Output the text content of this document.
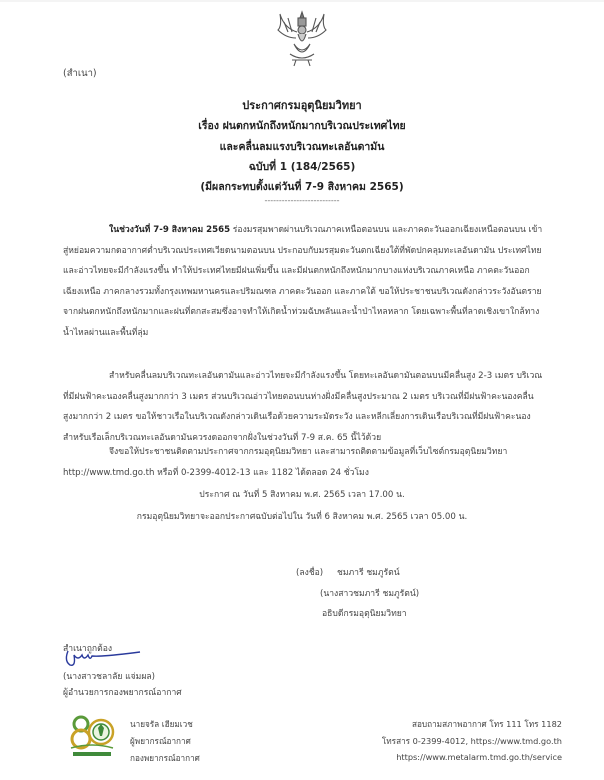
(สำเนา)
ประกาศกรมอุตุนิยมวิทยา
เรื่อง ฝนตกหนักถึงหนักมากบริเวณประเทศไทย
และคลื่นลมแรงบริเวณทะเลอันดามัน
ฉบับที่ 1 (184/2565)
(มีผลกระทบตั้งแต่วันที่ 7-9 สิงหาคม 2565)
--------------------------
ในช่วงวันที่ 7-9 สิงหาคม 2565 ร่องมรสุมพาดผ่านบริเวณภาคเหนือตอนบน และภาคตะวันออกเฉียงเหนือตอนบน เข้าสู่หย่อมความกดอากาศต่ำบริเวณประเทศเวียดนามตอนบน ประกอบกับมรสุมตะวันตกเฉียงใต้ที่พัดปกคลุมทะเลอันดามัน ประเทศไทยและอ่าวไทยจะมีกำลังแรงขึ้น ทำให้ประเทศไทยมีฝนเพิ่มขึ้น และมีฝนตกหนักถึงหนักมากบางแห่งบริเวณภาคเหนือ ภาคตะวันออกเฉียงเหนือ ภาคกลางรวมทั้งกรุงเทพมหานครและปริมณฑล ภาคตะวันออก และภาคใต้ ขอให้ประชาชนบริเวณดังกล่าวระวังอันตรายจากฝนตกหนักถึงหนักมากและฝนที่ตกสะสมซึ่งอาจทำให้เกิดน้ำท่วมฉับพลันและน้ำป่าไหลหลาก โดยเฉพาะพื้นที่ลาดเชิงเขาใกล้ทางน้ำไหลผ่านและพื้นที่ลุ่ม
สำหรับคลื่นลมบริเวณทะเลอันดามันและอ่าวไทยจะมีกำลังแรงขึ้น โดยทะเลอันดามันตอนบนมีคลื่นสูง 2-3 เมตร บริเวณที่มีฝนฟ้าคะนองคลื่นสูงมากกว่า 3 เมตร ส่วนบริเวณอ่าวไทยตอนบนห่างฝั่งมีคลื่นสูงประมาณ 2 เมตร บริเวณที่มีฝนฟ้าคะนองคลื่นสูงมากกว่า 2 เมตร ขอให้ชาวเรือในบริเวณดังกล่าวเดินเรือด้วยความระมัดระวัง และหลีกเลี่ยงการเดินเรือบริเวณที่มีฝนฟ้าคะนอง สำหรับเรือเล็กบริเวณทะเลอันดามันควรงดออกจากฝั่งในช่วงวันที่ 7-9 ส.ค. 65 นี้ไว้ด้วย
จึงขอให้ประชาชนติดตามประกาศจากกรมอุตุนิยมวิทยา และสามารถติดตามข้อมูลที่เว็บไซต์กรมอุตุนิยมวิทยา http://www.tmd.go.th หรือที่ 0-2399-4012-13 และ 1182 ได้ตลอด 24 ชั่วโมง
ประกาศ ณ วันที่ 5 สิงหาคม พ.ศ. 2565 เวลา 17.00 น.
กรมอุตุนิยมวิทยาจะออกประกาศฉบับต่อไปใน วันที่ 6 สิงหาคม พ.ศ. 2565 เวลา 05.00 น.
(ลงชื่อ) ชมภารี ชมภูรัตน์
(นางสาวชมภารี ชมภูรัตน์)
อธิบดีกรมอุตุนิยมวิทยา
สำเนาถูกต้อง
(นางสาวชลาลัย แจ่มผล)
ผู้อำนวยการกองพยากรณ์อากาศ
นายจรัล เฮียมเวช
ผู้พยากรณ์อากาศ
กองพยากรณ์อากาศ
สอบถามสภาพอากาศ โทร 111 โทร 1182
โทรสาร 0-2399-4012, https://www.tmd.go.th
https://www.metalarm.tmd.go.th/service
